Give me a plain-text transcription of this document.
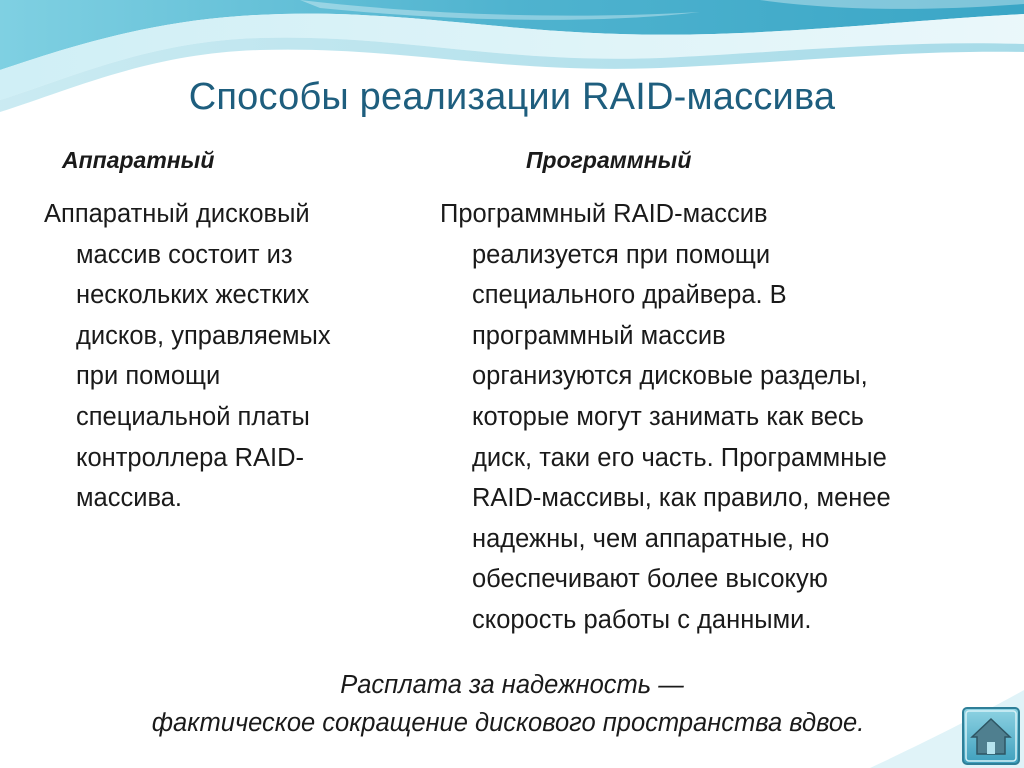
Способы реализации RAID-массива
Аппаратный	Программный
Аппаратный дисковый
массив состоит из
нескольких жестких
дисков, управляемых
при помощи
специальной платы
контроллера RAID-
массива.
Программный RAID-массив
реализуется при помощи
специального драйвера. В
программный массив
организуются дисковые разделы,
которые могут занимать как весь
диск, таки его часть. Программные
RAID-массивы, как правило, менее
надежны, чем аппаратные, но
обеспечивают более высокую
скорость работы с данными.
Расплата за надежность —
фактическое сокращение дискового пространства вдвое.
